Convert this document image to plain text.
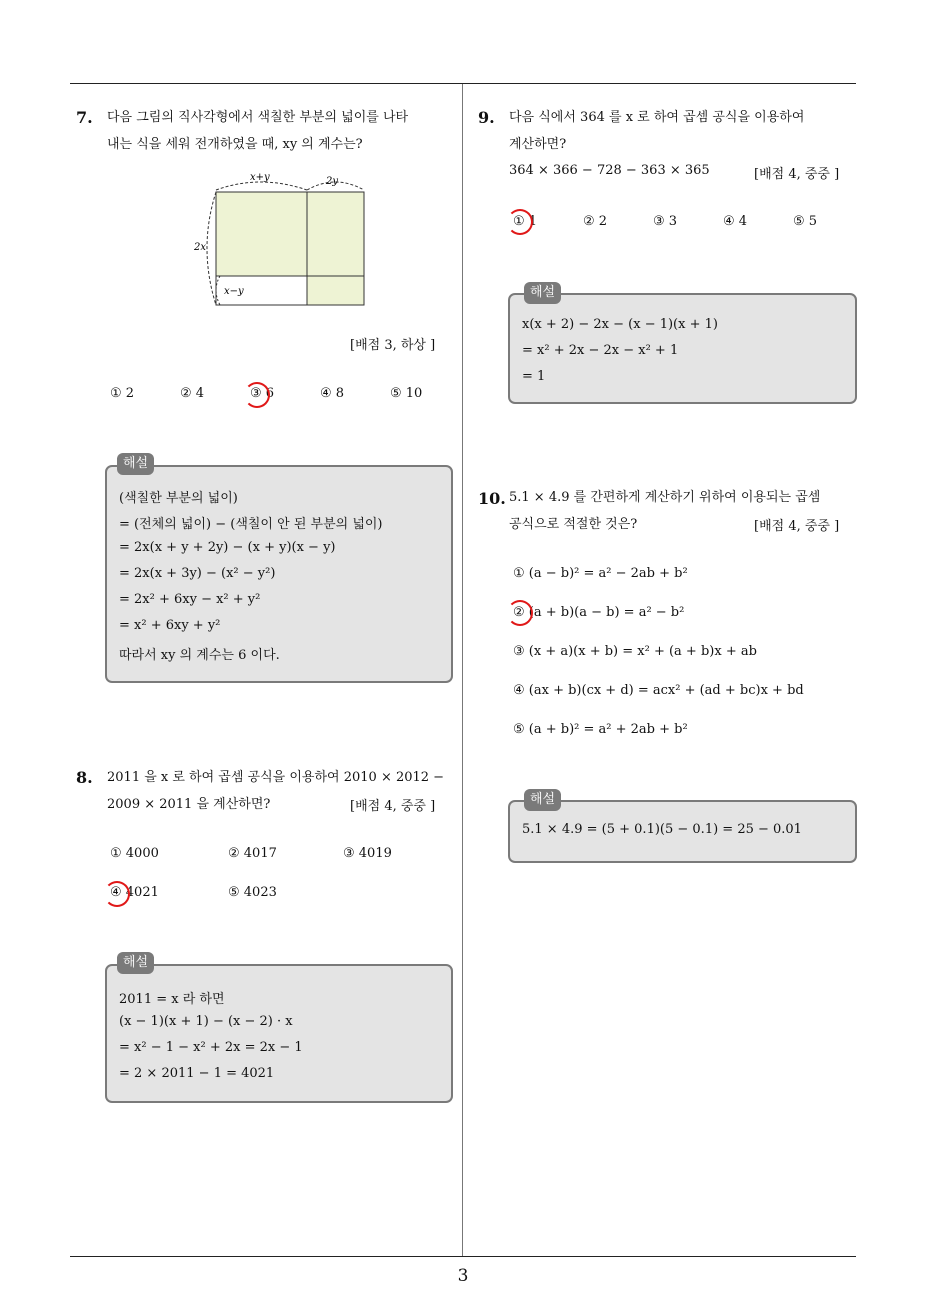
3
7. 다음 그림의 직사각형에서 색칠한 부분의 넓이를 나타
내는 식을 세워 전개하였을 때, xy 의 계수는?
x+y	2y
2x
x−y
[배점 3, 하상 ]
① 2	② 4	③ 6	④ 8	⑤ 10
(색칠한 부분의 넓이)
= (전체의 넓이) − (색칠이 안 된 부분의 넓이)
= 2x(x + y + 2y) − (x + y)(x − y)
= 2x(x + 3y) − (x² − y²)
= 2x² + 6xy − x² + y²
= x² + 6xy + y²
따라서 xy 의 계수는 6 이다.
해설
8. 2011 을 x 로 하여 곱셈 공식을 이용하여 2010 × 2012 −
2009 × 2011 을 계산하면?	[배점 4, 중중 ]
① 4000	② 4017	③ 4019
④ 4021	⑤ 4023
2011 = x 라 하면
(x − 1)(x + 1) − (x − 2) · x
= x² − 1 − x² + 2x = 2x − 1
= 2 × 2011 − 1 = 4021
해설
9. 다음 식에서 364 를 x 로 하여 곱셈 공식을 이용하여
계산하면?
364 × 366 − 728 − 363 × 365	[배점 4, 중중 ]
① 1	② 2	③ 3	④ 4	⑤ 5
x(x + 2) − 2x − (x − 1)(x + 1)
= x² + 2x − 2x − x² + 1
= 1
해설
10. 5.1 × 4.9 를 간편하게 계산하기 위하여 이용되는 곱셈
공식으로 적절한 것은?	[배점 4, 중중 ]
① (a − b)² = a² − 2ab + b²
② (a + b)(a − b) = a² − b²
③ (x + a)(x + b) = x² + (a + b)x + ab
④ (ax + b)(cx + d) = acx² + (ad + bc)x + bd
⑤ (a + b)² = a² + 2ab + b²
5.1 × 4.9 = (5 + 0.1)(5 − 0.1) = 25 − 0.01
해설
